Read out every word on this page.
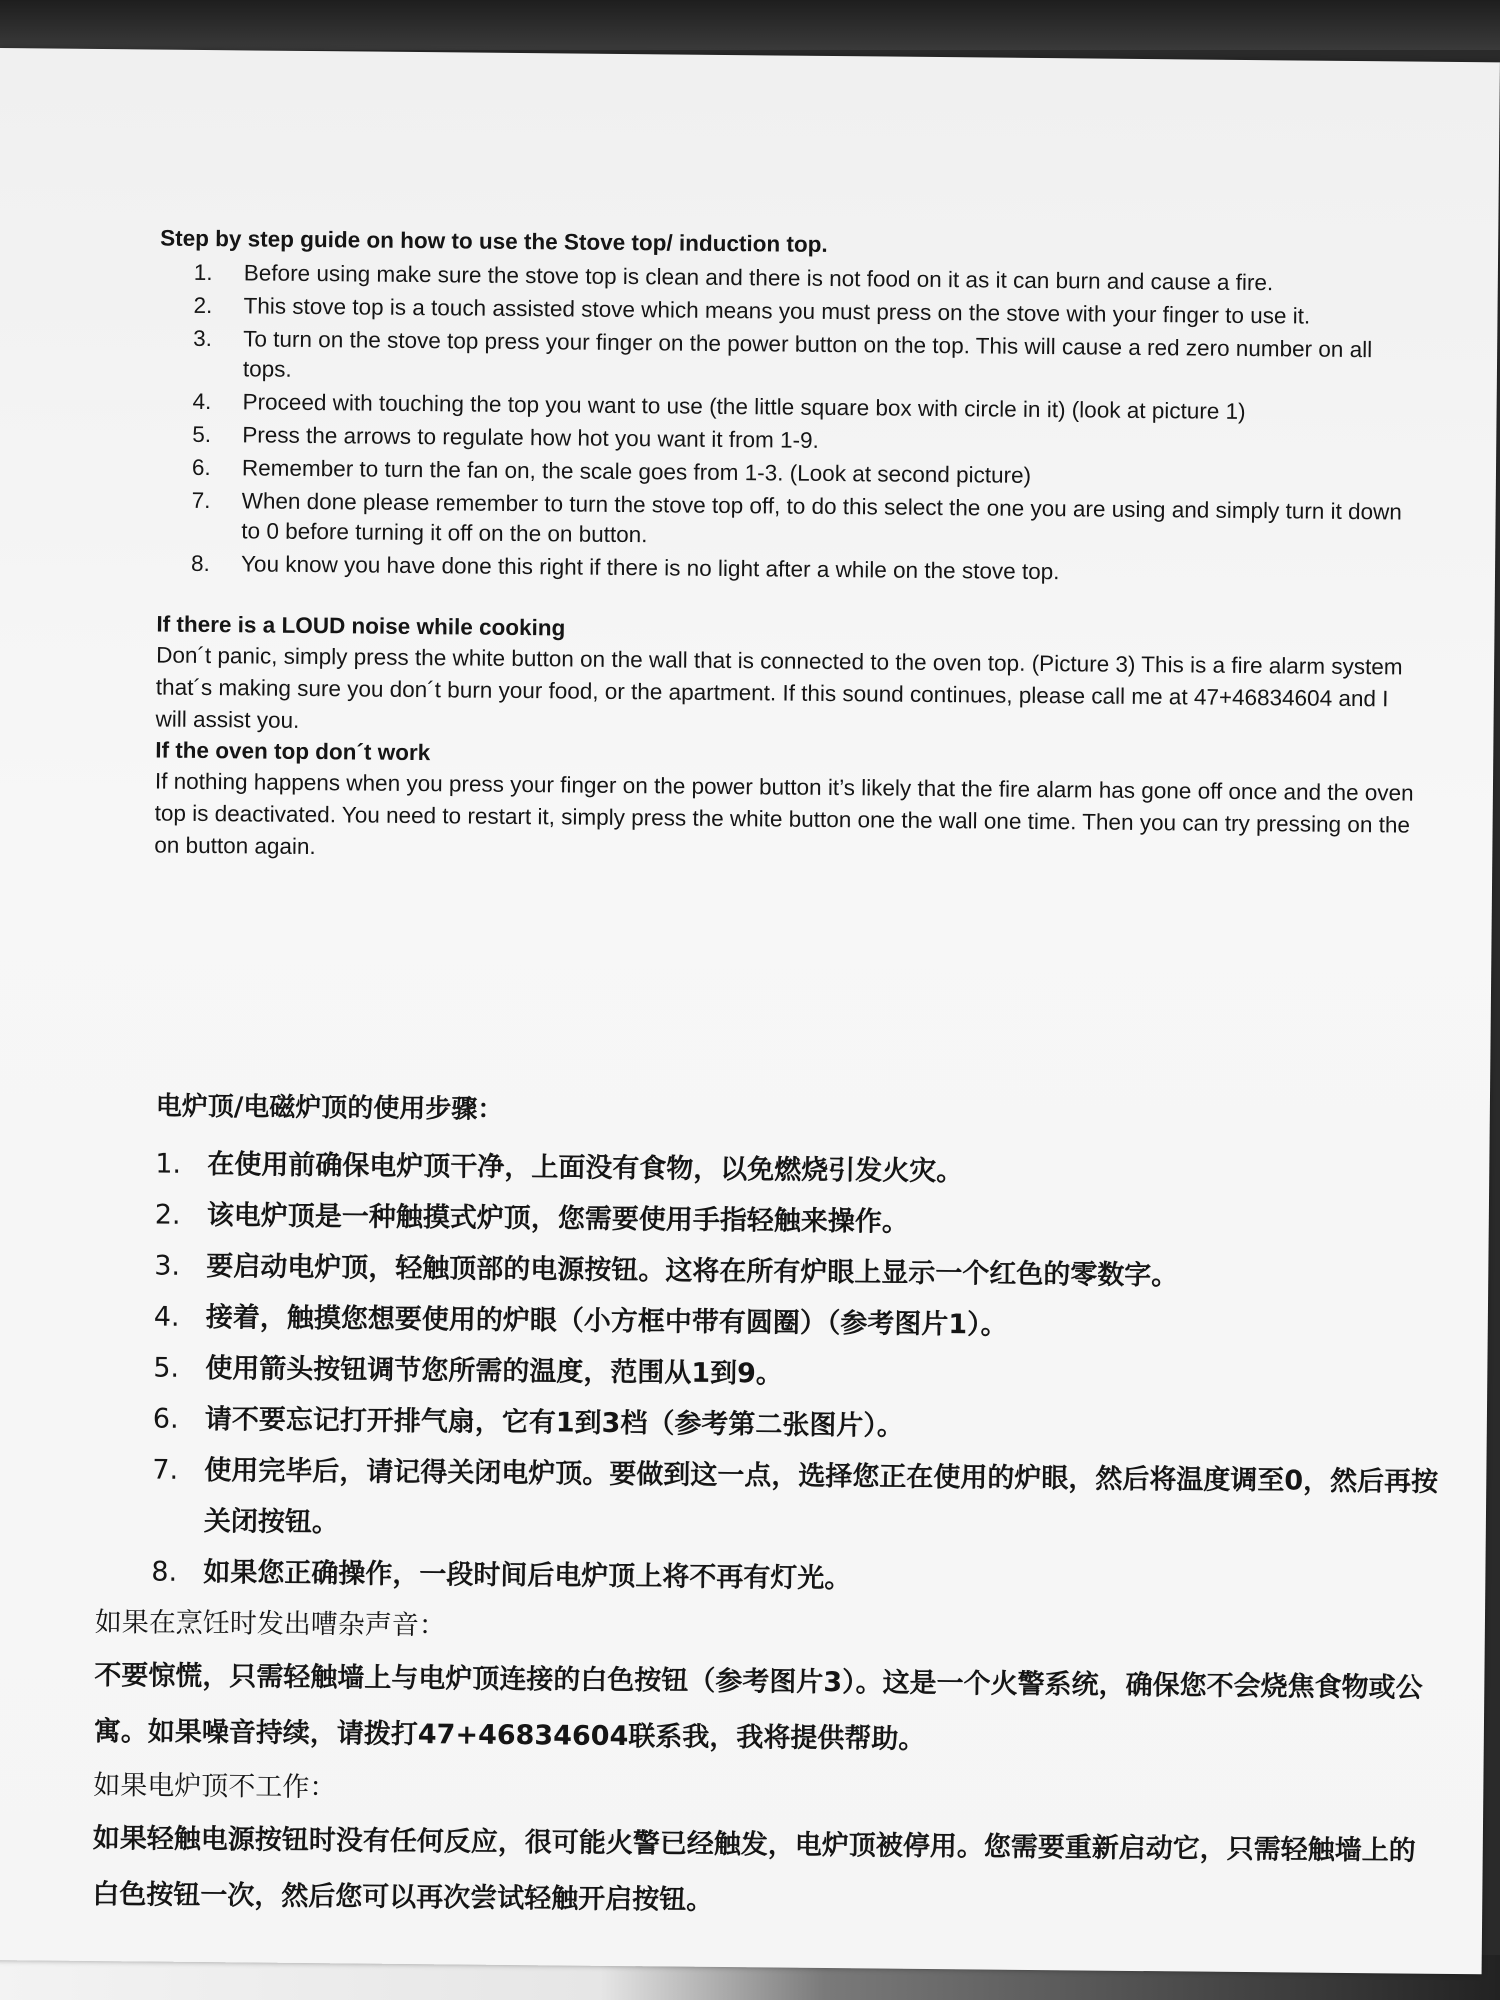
Step by step guide on how to use the Stove top/ induction top.
1.	Before using make sure the stove top is clean and there is not food on it as it can burn and cause a fire.
2.	This stove top is a touch assisted stove which means you must press on the stove with your finger to use it.
3.	To turn on the stove top press your finger on the power button on the top. This will cause a red zero number on all tops.
4.	Proceed with touching the top you want to use (the little square box with circle in it) (look at picture 1)
5.	Press the arrows to regulate how hot you want it from 1-9.
6.	Remember to turn the fan on, the scale goes from 1-3. (Look at second picture)
7.	When done please remember to turn the stove top off, to do this select the one you are using and simply turn it down to 0 before turning it off on the on button.
8.	You know you have done this right if there is no light after a while on the stove top.

If there is a LOUD noise while cooking

Don´t panic, simply press the white button on the wall that is connected to the oven top. (Picture 3) This is a fire alarm system that´s making sure you don´t burn your food, or the apartment. If this sound continues, please call me at 47+46834604 and I will assist you.

If the oven top don´t work

If nothing happens when you press your finger on the power button it’s likely that the fire alarm has gone off once and the oven top is deactivated. You need to restart it, simply press the white button one the wall one time. Then you can try pressing on the on button again.

电炉顶/电磁炉顶的使用步骤：
1. 在使用前确保电炉顶干净，上面没有食物，以免燃烧引发火灾。
2. 该电炉顶是一种触摸式炉顶，您需要使用手指轻触来操作。
3. 要启动电炉顶，轻触顶部的电源按钮。这将在所有炉眼上显示一个红色的零数字。
4. 接着，触摸您想要使用的炉眼（小方框中带有圆圈）（参考图片1）。
5. 使用箭头按钮调节您所需的温度，范围从1到9。
6. 请不要忘记打开排气扇，它有1到3档（参考第二张图片）。
7. 使用完毕后，请记得关闭电炉顶。要做到这一点，选择您正在使用的炉眼，然后将温度调至0，然后再按关闭按钮。
8. 如果您正确操作，一段时间后电炉顶上将不再有灯光。

如果在烹饪时发出嘈杂声音：

不要惊慌，只需轻触墙上与电炉顶连接的白色按钮（参考图片3）。这是一个火警系统，确保您不会烧焦食物或公寓。如果噪音持续，请拨打47+46834604联系我，我将提供帮助。

如果电炉顶不工作：

如果轻触电源按钮时没有任何反应，很可能火警已经触发，电炉顶被停用。您需要重新启动它，只需轻触墙上的白色按钮一次，然后您可以再次尝试轻触开启按钮。
